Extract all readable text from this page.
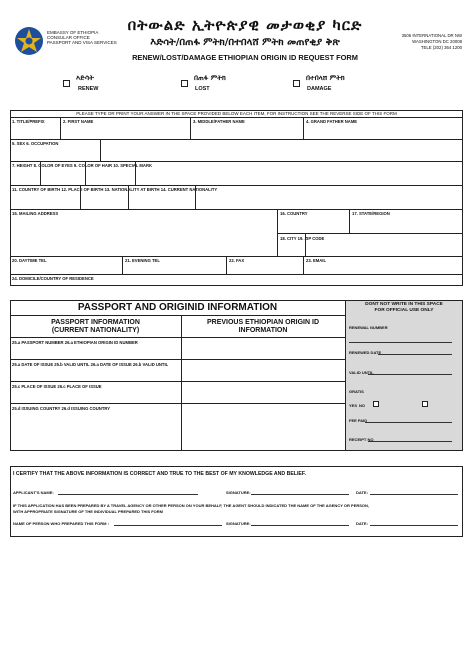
EMBASSY OF ETHIOPIA
CONSULAR OFFICE
PASSPORT AND VISA SERVICES
በትውልድ ኢትዮጵያዊ መታወቂያ ካርድ
እድሳት/በጠፋ ምትክ/በተበላሸ ምትክ መጠየቂያ ቅጽ
RENEW/LOST/DAMAGE ETHIOPIAN ORIGIN ID REQUEST FORM
3506 INTERNATIONAL DR NW
WASHINGTON DC 20008
TELE (202) 364 1200
እድሳት
RENEW
በጠፋ ምትክ
LOST
በተበላሸ ምትክ
DAMAGE
PLEASE TYPE OR PRINT YOUR ANSWER IN THE SPACE PROVIDED BELOW EACH ITEM, FOR INSTRUCTION SEE THE REVERSE SIDE OF THIS FORM
1. TITLE/PREFIX	2. FIRST NAME	3. MIDDLE/FATHER NAME	4. GRAND FATHER NAME
5. SEX 6. OCCUPATION
7. HEIGHT 8. COLOR OF EYES 9. COLOR OF HAIR 10. SPECIAL MARK
11. COUNTRY OF BIRTH 12. PLACE OF BIRTH 13. NATIONALITY AT BIRTH 14. CURRENT NATIONALITY
15. MAILING ADDRESS	16. COUNTRY	17. STATE/REGION
18. CITY 19. ZIP CODE
20. DAYTIME TEL	21. EVENING TEL	22. FAX	23. EMAIL
24. DOMICILE/COUNTRY OF RESIDENCE
PASSPORT AND ORIGINID INFORMATION
PASSPORT INFORMATION
(CURRENT NATIONALITY)
PREVIOUS ETHIOPIAN ORIGIN ID
INFORMATION
25.a PASSPORT NUMBER 26.a ETHIOPIAN ORIGIN ID NUMBER
25.a DATE OF ISSUE 25.b VALID UNTIL 26.a DATE OF ISSUE 26.b VALID UNTIL
25.c PLACE OF ISSUE 26.c PLACE OF ISSUE
25.d ISSUING COUNTRY 26.d ISSUING COUNTRY
DONT NOT WRITE IN THIS SPACE
FOR OFFICIAL USE ONLY
RENEWAL NUMBER
RENEWED DATE
VALID UNTIL
GRATIS
YES NO
FEE PAID
RECEIPT NO
I CERTIFY THAT THE ABOVE INFORMATION IS CORRECT AND TRUE TO THE BEST OF MY KNOWLEDGE AND BELIEF.
APPLICANT'S NAME:	SIGNATURE:	DATE:
IF THIS APPLICATION HAS BEEN PREPARED BY A TRAVEL AGENCY OR OTHER PERSON ON YOUR BEHALF, THE AGENT SHOULD INDICATED THE NAME OF THE AGENCY OR PERSON,
WITH APPROPRIATE SIGNATURE OF THE INDIVIDUAL PREPARED THIS FORM
NAME OF PERSON WHO PREPARED THIS FORM :	SIGNATURE:	DATE:
